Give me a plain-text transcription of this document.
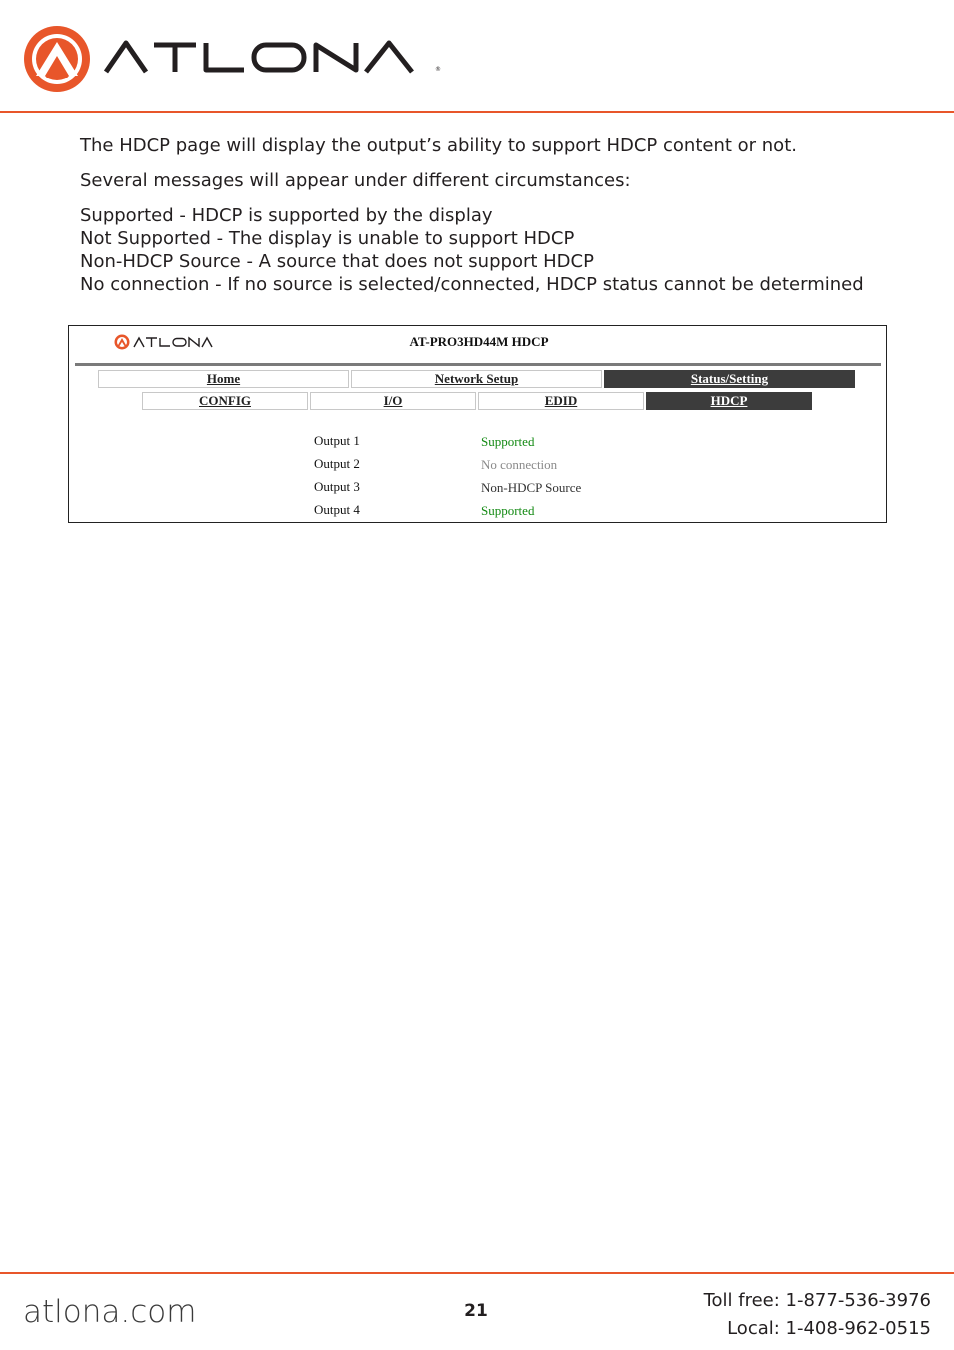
®

The HDCP page will display the output’s ability to support HDCP content or not.

Several messages will appear under different circumstances:

Supported - HDCP is supported by the display
Not Supported - The display is unable to support HDCP
Non-HDCP Source - A source that does not support HDCP
No connection - If no source is selected/connected, HDCP status cannot be determined
AT-PRO3HD44M HDCP
Home	Network Setup	Status/Setting
CONFIG	I/O	EDID	HDCP
Output 1	Supported
Output 2	No connection
Output 3	Non-HDCP Source
Output 4	Supported
atlona.com	21	Toll free: 1-877-536-3976
Local: 1-408-962-0515
